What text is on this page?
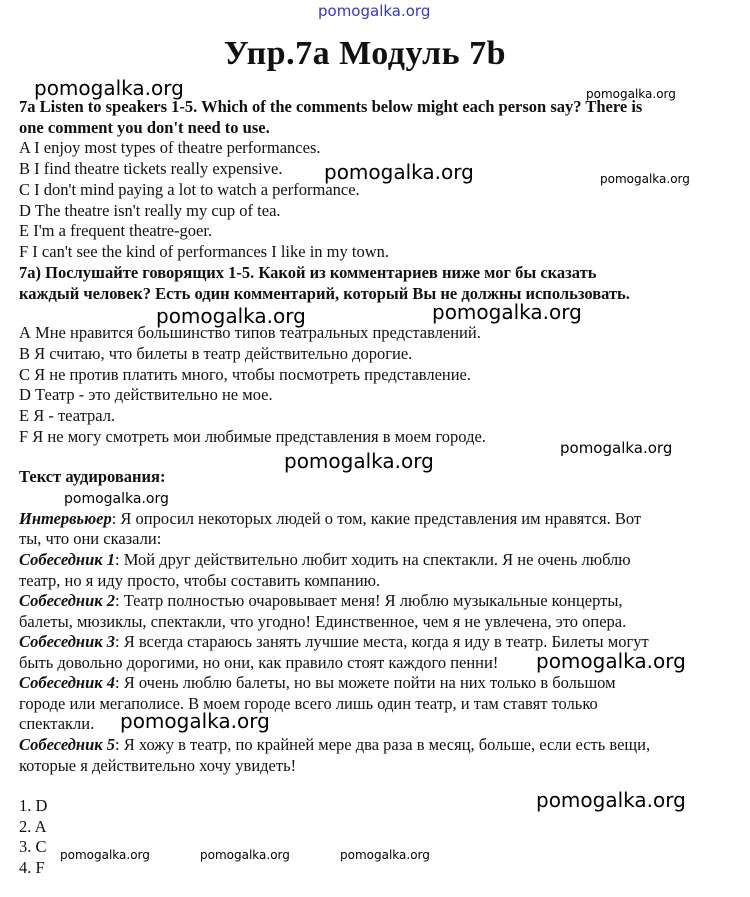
pomogalka.org
Упр.7а Модуль 7b
7a Listen to speakers 1-5. Which of the comments below might each person say? There is
one comment you don't need to use.
A I enjoy most types of theatre performances.
B I find theatre tickets really expensive.
C I don't mind paying a lot to watch a performance.
D The theatre isn't really my cup of tea.
E I'm a frequent theatre-goer.
F I can't see the kind of performances I like in my town.
7а) Послушайте говорящих 1-5. Какой из комментариев ниже мог бы сказать
каждый человек? Есть один комментарий, который Вы не должны использовать.
А Мне нравится большинство типов театральных представлений.
В Я считаю, что билеты в театр действительно дорогие.
С Я не против платить много, чтобы посмотреть представление.
D Театр - это действительно не мое.
Е Я - театрал.
F Я не могу смотреть мои любимые представления в моем городе.
Текст аудирования:
Интервьюер: Я опросил некоторых людей о том, какие представления им нравятся. Вот
ты, что они сказали:
Собеседник 1: Мой друг действительно любит ходить на спектакли. Я не очень люблю
театр, но я иду просто, чтобы составить компанию.
Собеседник 2: Театр полностью очаровывает меня! Я люблю музыкальные концерты,
балеты, мюзиклы, спектакли, что угодно! Единственное, чем я не увлечена, это опера.
Собеседник 3: Я всегда стараюсь занять лучшие места, когда я иду в театр. Билеты могут
быть довольно дорогими, но они, как правило стоят каждого пенни!
Собеседник 4: Я очень люблю балеты, но вы можете пойти на них только в большом
городе или мегаполисе. В моем городе всего лишь один театр, и там ставят только
спектакли.
Собеседник 5: Я хожу в театр, по крайней мере два раза в месяц, больше, если есть вещи,
которые я действительно хочу увидеть!
1. D
2. A
3. C
4. F
pomogalka.org	pomogalka.org
pomogalka.org	pomogalka.org
pomogalka.org	pomogalka.org
pomogalka.org
pomogalka.org
pomogalka.org
pomogalka.org
pomogalka.org
pomogalka.org
pomogalka.org	pomogalka.org	pomogalka.org
